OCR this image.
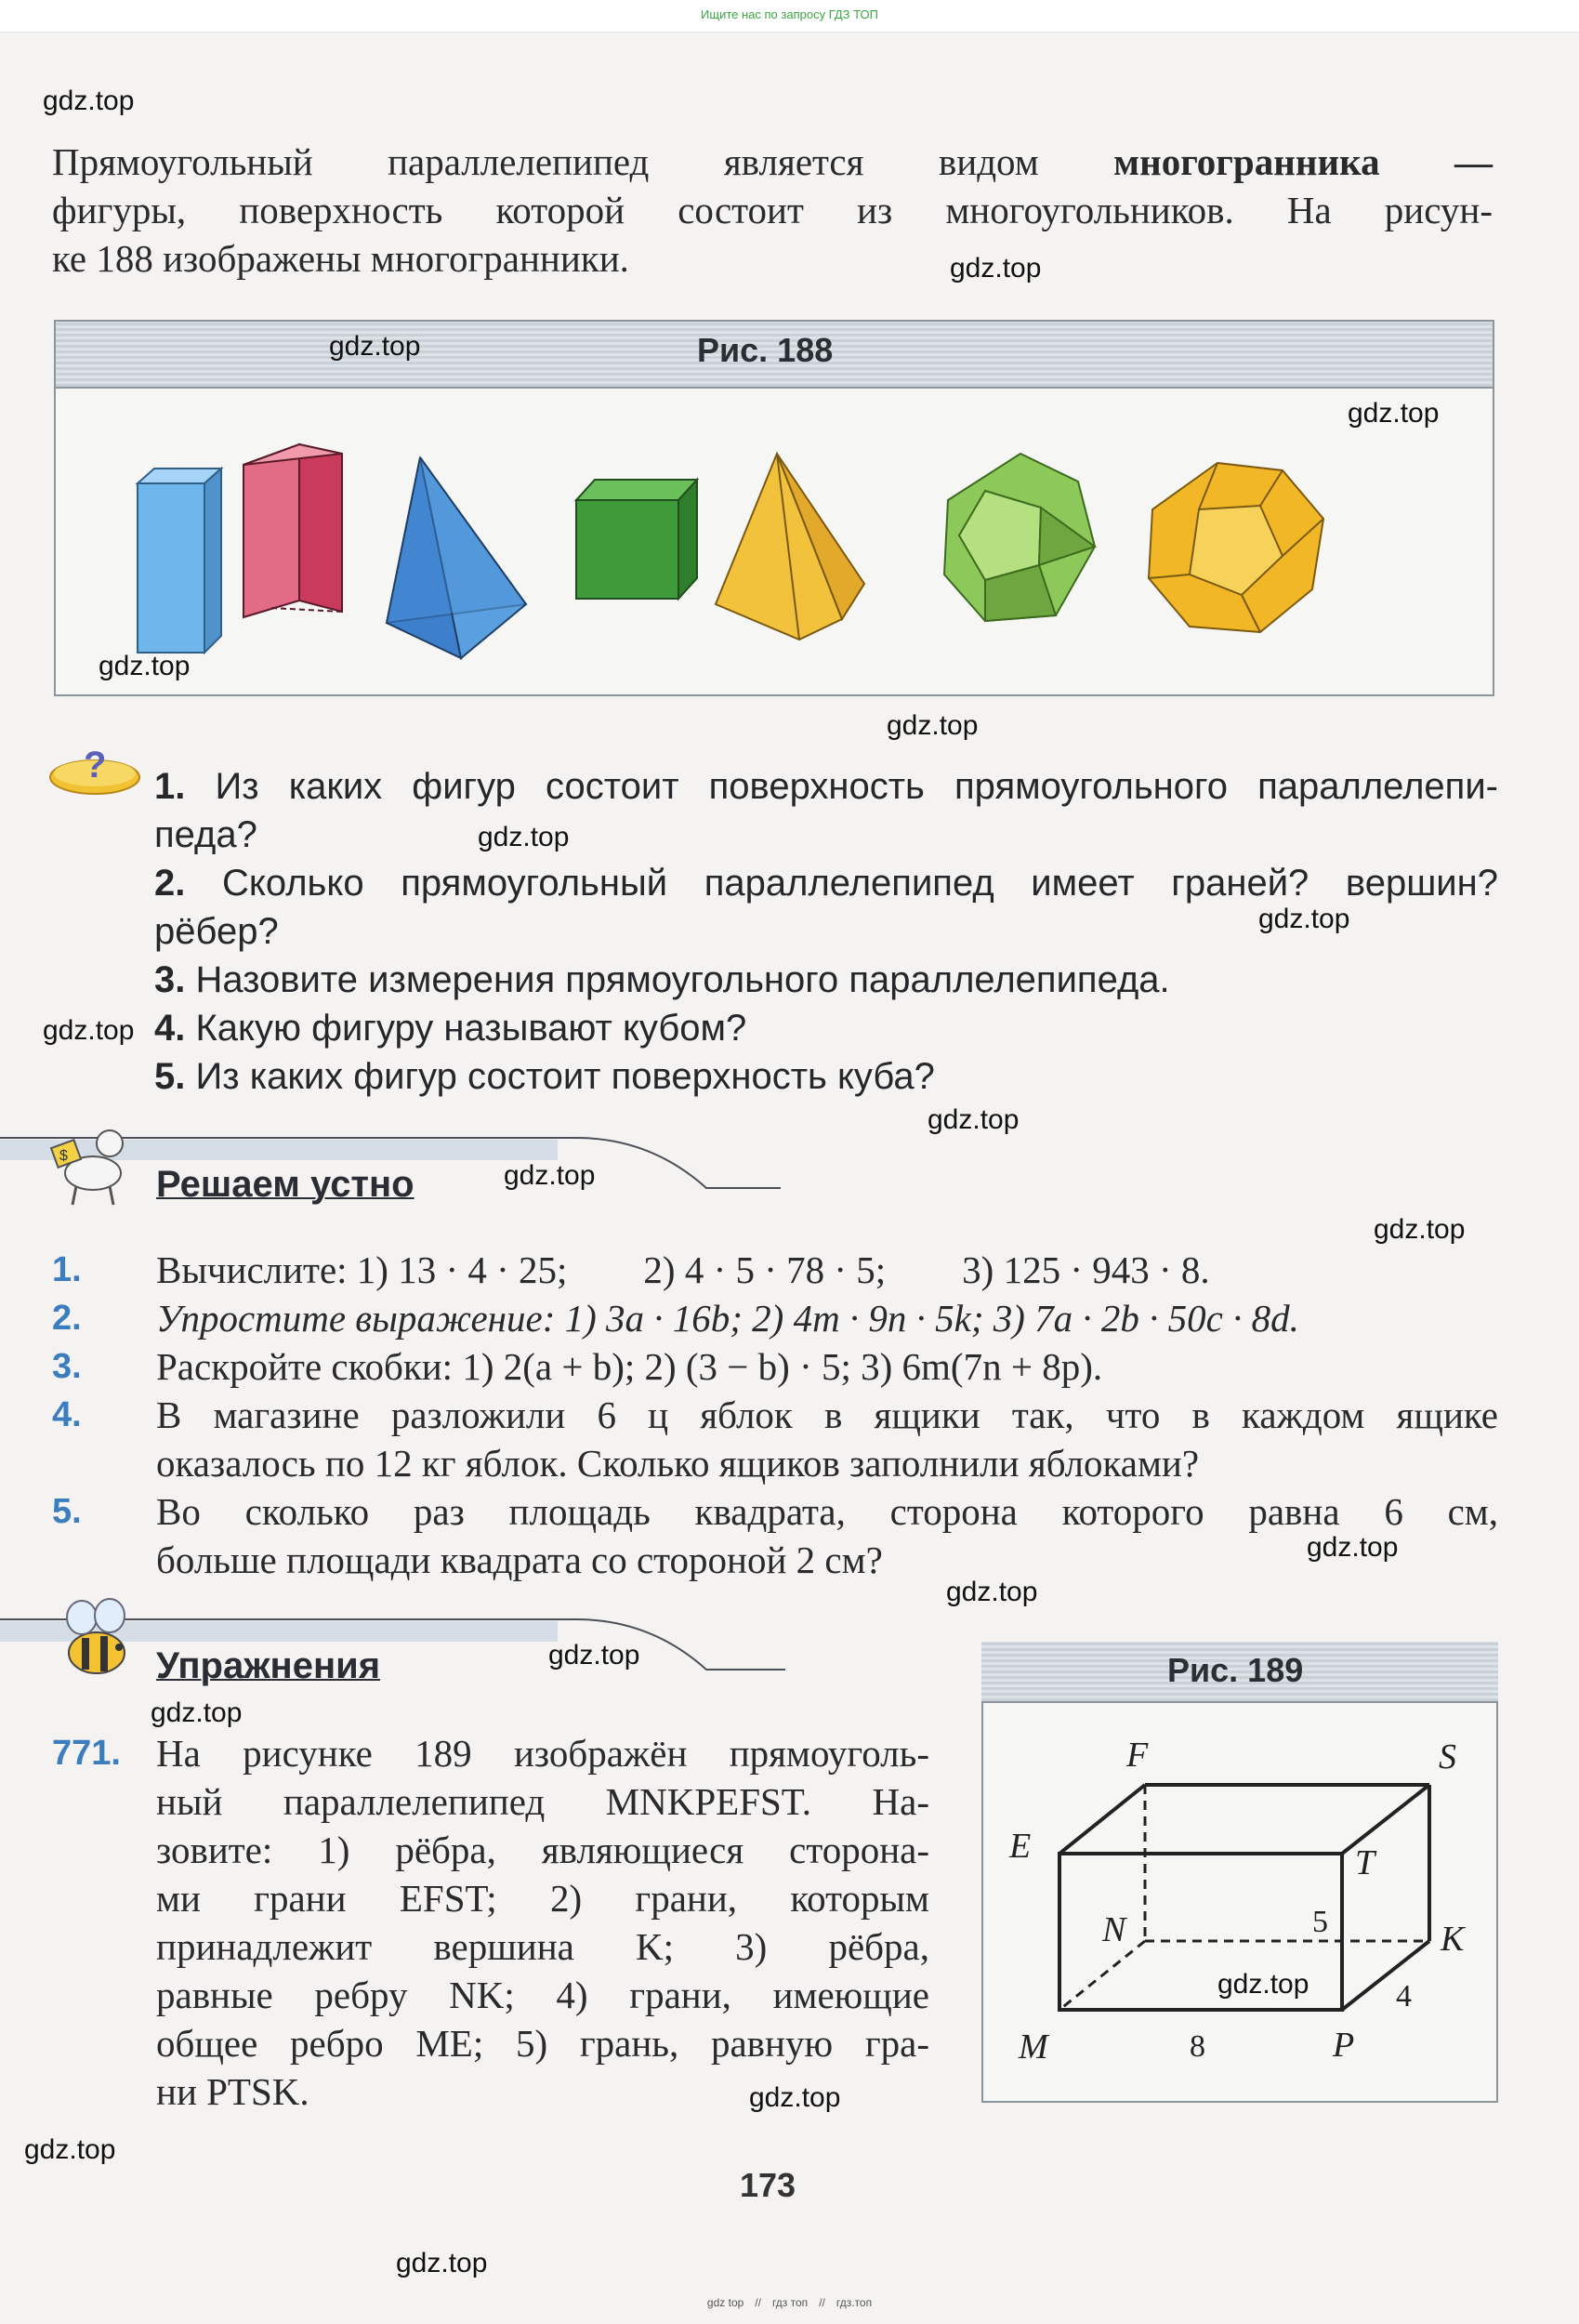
Ищите нас по запросу ГДЗ ТОП
Прямоугольный параллелепипед является видом многогранника —
фигуры, поверхность которой состоит из многоугольников. На рисун-
ке 188 изображены многогранники.
Рис. 188
?
1. Из каких фигур состоит поверхность прямоугольного параллелепи-
педа?
2. Сколько прямоугольный параллелепипед имеет граней? вершин?
рёбер?
3. Назовите измерения прямоугольного параллелепипеда.
4. Какую фигуру называют кубом?
5. Из каких фигур состоит поверхность куба?
$
Решаем устно
1.	Вычислите: 1) 13 · 4 · 25;        2) 4 · 5 · 78 · 5;        3) 125 · 943 · 8.
2.	Упростите выражение: 1) 3a · 16b; 2) 4m · 9n · 5k; 3) 7a · 2b · 50c · 8d.
3.	Раскройте скобки: 1) 2(a + b); 2) (3 − b) · 5; 3) 6m(7n + 8p).
4.	В магазине разложили 6 ц яблок в ящики так, что в каждом ящике
оказалось по 12 кг яблок. Сколько ящиков заполнили яблоками?
5.	Во сколько раз площадь квадрата, сторона которого равна 6 см,
больше площади квадрата со стороной 2 см?
Упражнения
771. На рисунке 189 изображён прямоуголь-
ный параллелепипед MNKPEFST. На-
зовите: 1) рёбра, являющиеся сторона-
ми грани EFST; 2) грани, которым
принадлежит вершина K; 3) рёбра,
равные ребру NK; 4) грани, имеющие
общее ребро ME; 5) грань, равную гра-
ни PTSK.
Рис. 189
F	S
E	T
N	K
M	P
5
4
8
173
gdz.top
gdz.top
gdz.top
gdz.top
gdz.top
gdz.top
gdz.top
gdz.top
gdz.top
gdz.top
gdz.top
gdz.top
gdz.top
gdz.top
gdz.top
gdz.top
gdz.top
gdz.top
gdz.top
gdz.top
gdz top // гдз топ // гдз.топ
